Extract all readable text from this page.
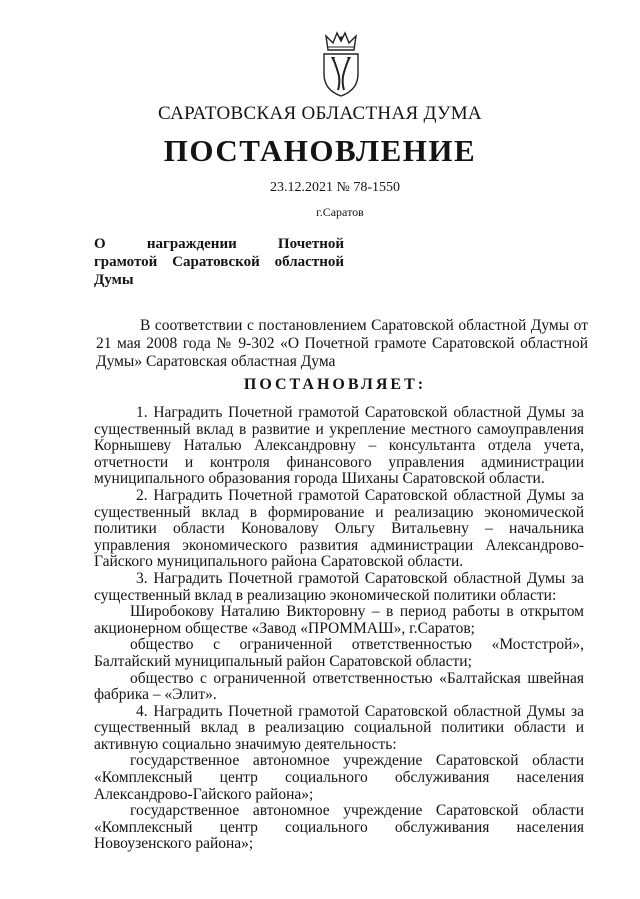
САРАТОВСКАЯ ОБЛАСТНАЯ ДУМА
ПОСТАНОВЛЕНИЕ
23.12.2021 № 78-1550
г.Саратов
О награждении Почетной
грамотой Саратовской областной
Думы

В соответствии с постановлением Саратовской областной Думы от 21 мая 2008 года № 9-302 «О Почетной грамоте Саратовской областной Думы» Саратовская областная Дума

ПОСТАНОВЛЯЕТ:

1. Наградить Почетной грамотой Саратовской областной Думы за существенный вклад в развитие и укрепление местного самоуправления Корнышеву Наталью Александровну – консультанта отдела учета, отчетности и контроля финансового управления администрации муниципального образования города Шиханы Саратовской области.

2. Наградить Почетной грамотой Саратовской областной Думы за существенный вклад в формирование и реализацию экономической политики области Коновалову Ольгу Витальевну – начальника управления экономического развития администрации Александрово-Гайского муниципального района Саратовской области.

3. Наградить Почетной грамотой Саратовской областной Думы за существенный вклад в реализацию экономической политики области:

Широбокову Наталию Викторовну – в период работы в открытом акционерном обществе «Завод «ПРОММАШ», г.Саратов;

общество с ограниченной ответственностью «Мостстрой», Балтайский муниципальный район Саратовской области;

общество с ограниченной ответственностью «Балтайская швейная фабрика – «Элит».

4. Наградить Почетной грамотой Саратовской областной Думы за существенный вклад в реализацию социальной политики области и активную социально значимую деятельность:

государственное автономное учреждение Саратовской области «Комплексный центр социального обслуживания населения Александрово-Гайского района»;

государственное автономное учреждение Саратовской области «Комплексный центр социального обслуживания населения Новоузенского района»;
